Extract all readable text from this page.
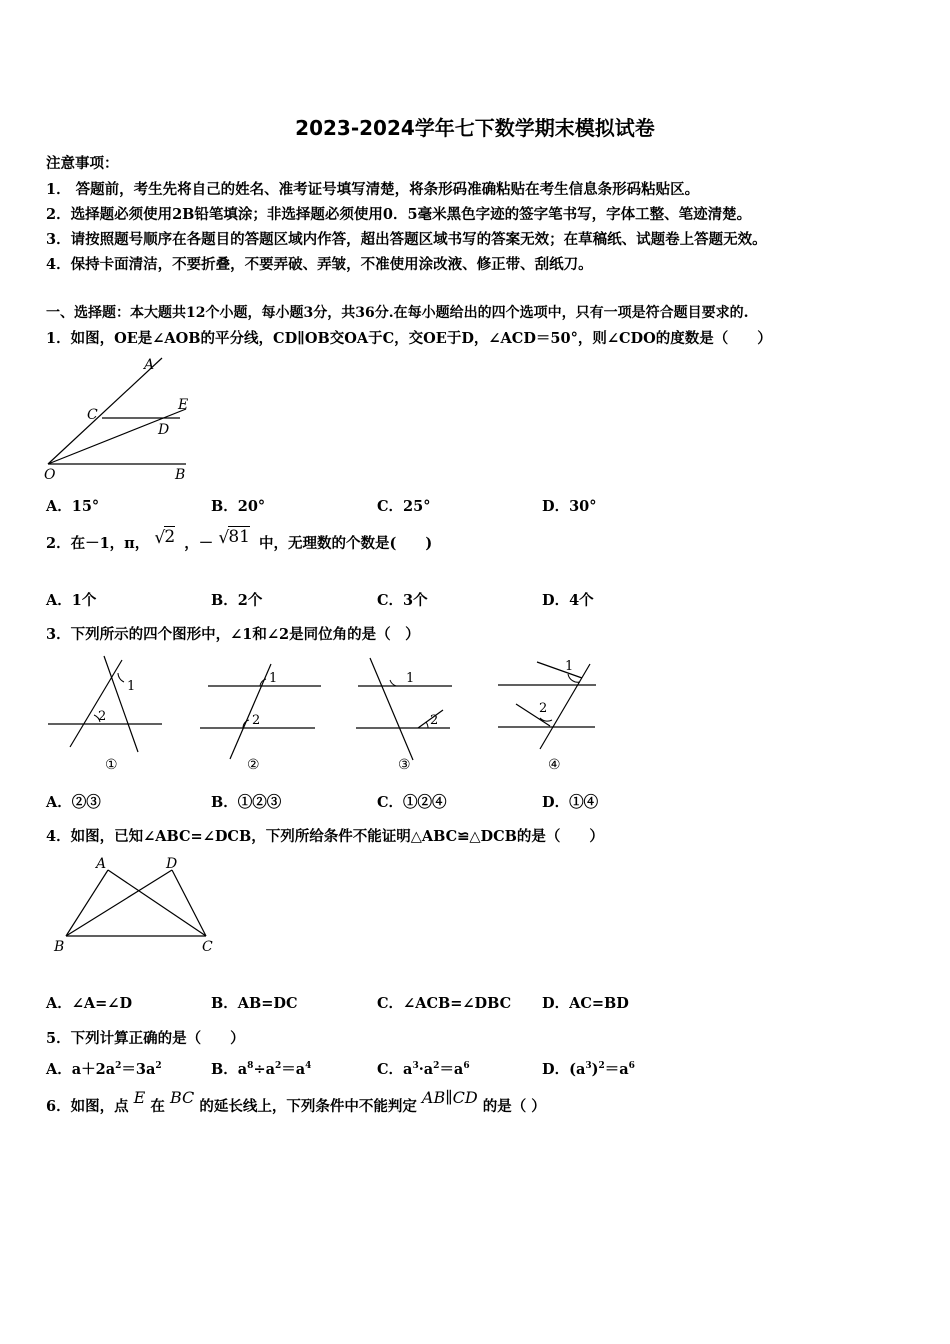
2023-2024学年七下数学期末模拟试卷
注意事项：
1． 答题前，考生先将自己的姓名、准考证号填写清楚，将条形码准确粘贴在考生信息条形码粘贴区。
2．选择题必须使用2B铅笔填涂；非选择题必须使用0．5毫米黑色字迹的签字笔书写，字体工整、笔迹清楚。
3．请按照题号顺序在各题目的答题区域内作答，超出答题区域书写的答案无效；在草稿纸、试题卷上答题无效。
4．保持卡面清洁，不要折叠，不要弄破、弄皱，不准使用涂改液、修正带、刮纸刀。
一、选择题：本大题共12个小题，每小题3分，共36分.在每小题给出的四个选项中，只有一项是符合题目要求的.
1．如图，OE是∠AOB的平分线，CD∥OB交OA于C，交OE于D，∠ACD＝50°，则∠CDO的度数是（　　）
A
E
C
D
O	B
A．15°	B．20°	C．25°	D．30°
2．在－1，π， √ 2 ，－ √ 81 中，无理数的个数是(　　)
A．1个	B．2个	C．3个	D．4个
3．下列所示的四个图形中，∠1和∠2是同位角的是（　）
1
2
①
1
2
②
1
2
③
1
2
④
A．②③	B．①②③	C．①②④	D．①④
4．如图，已知∠ABC=∠DCB，下列所给条件不能证明△ABC≌△DCB的是（　　）
A	D
B	C
A．∠A=∠D	B．AB=DC	C．∠ACB=∠DBC D．AC=BD
5．下列计算正确的是（　　）
A．$a+2a^2=3a^2$	B．$a^8\div a^2=a^4$	C．$a^3\cdot a^2=a^6$	D．$(a^3)^2=a^6$
6．如图，点 E 在 BC 的延长线上，下列条件中不能判定 AB∥CD 的是（ ）
